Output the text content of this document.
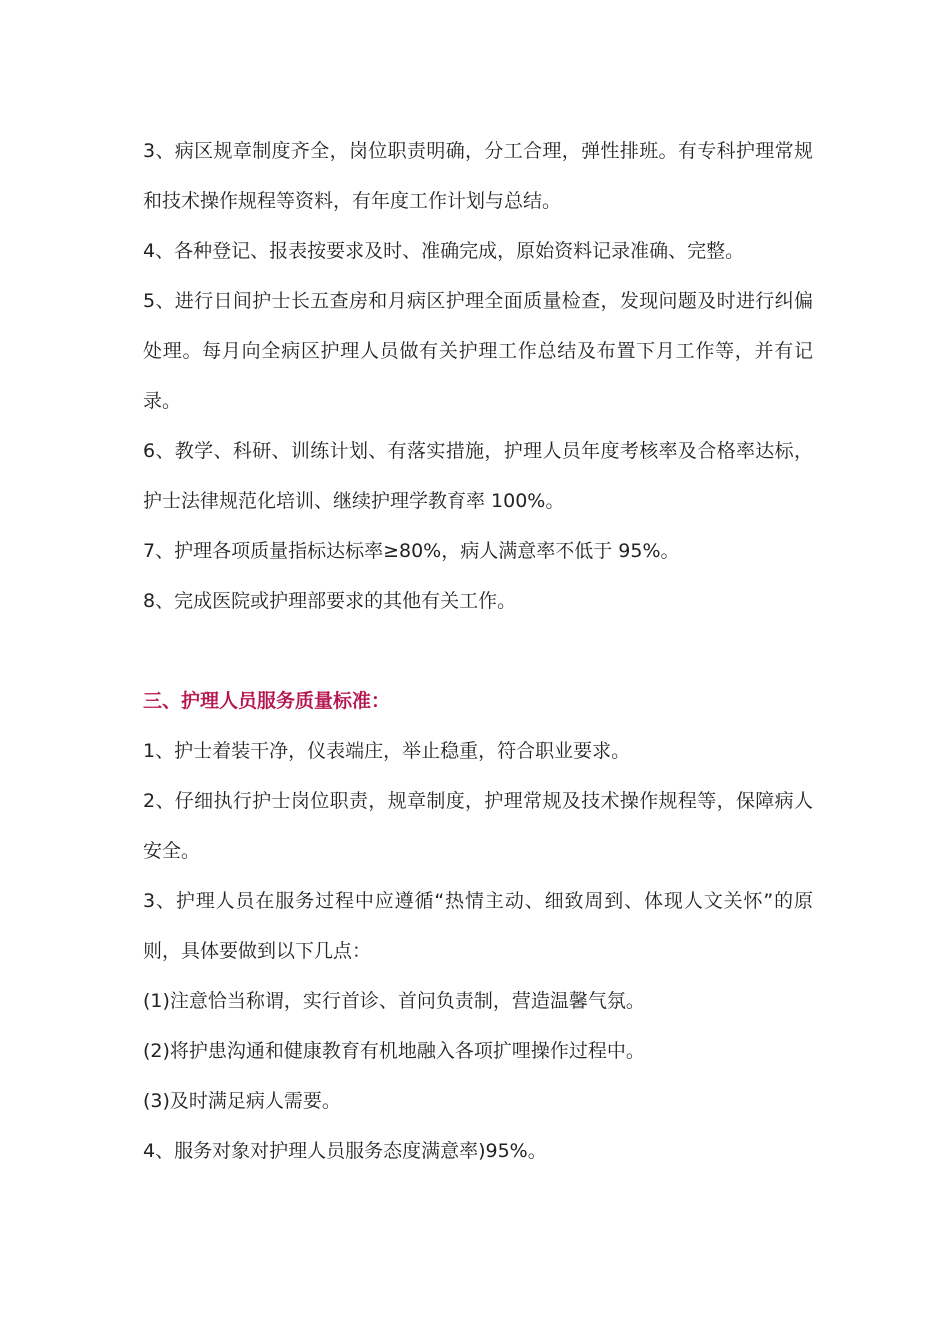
3、病区规章制度齐全，岗位职责明确，分工合理，弹性排班。有专科护理常规和技术操作规程等资料，有年度工作计划与总结。

4、各种登记、报表按要求及时、准确完成，原始资料记录准确、完整。

5、进行日间护士长五查房和月病区护理全面质量检查，发现问题及时进行纠偏处理。每月向全病区护理人员做有关护理工作总结及布置下月工作等，并有记录。

6、教学、科研、训练计划、有落实措施，护理人员年度考核率及合格率达标，护士法律规范化培训、继续护理学教育率 100%。

7、护理各项质量指标达标率≥80%，病人满意率不低于 95%。

8、完成医院或护理部要求的其他有关工作。

三、护理人员服务质量标准：

1、护士着装干净，仪表端庄，举止稳重，符合职业要求。

2、仔细执行护士岗位职责，规章制度，护理常规及技术操作规程等，保障病人安全。

3、护理人员在服务过程中应遵循“热情主动、细致周到、体现人文关怀”的原则，具体要做到以下几点：

(1)注意恰当称谓，实行首诊、首问负责制，营造温馨气氛。

(2)将护患沟通和健康教育有机地融入各项扩哩操作过程中。

(3)及时满足病人需要。

4、服务对象对护理人员服务态度满意率)95%。
